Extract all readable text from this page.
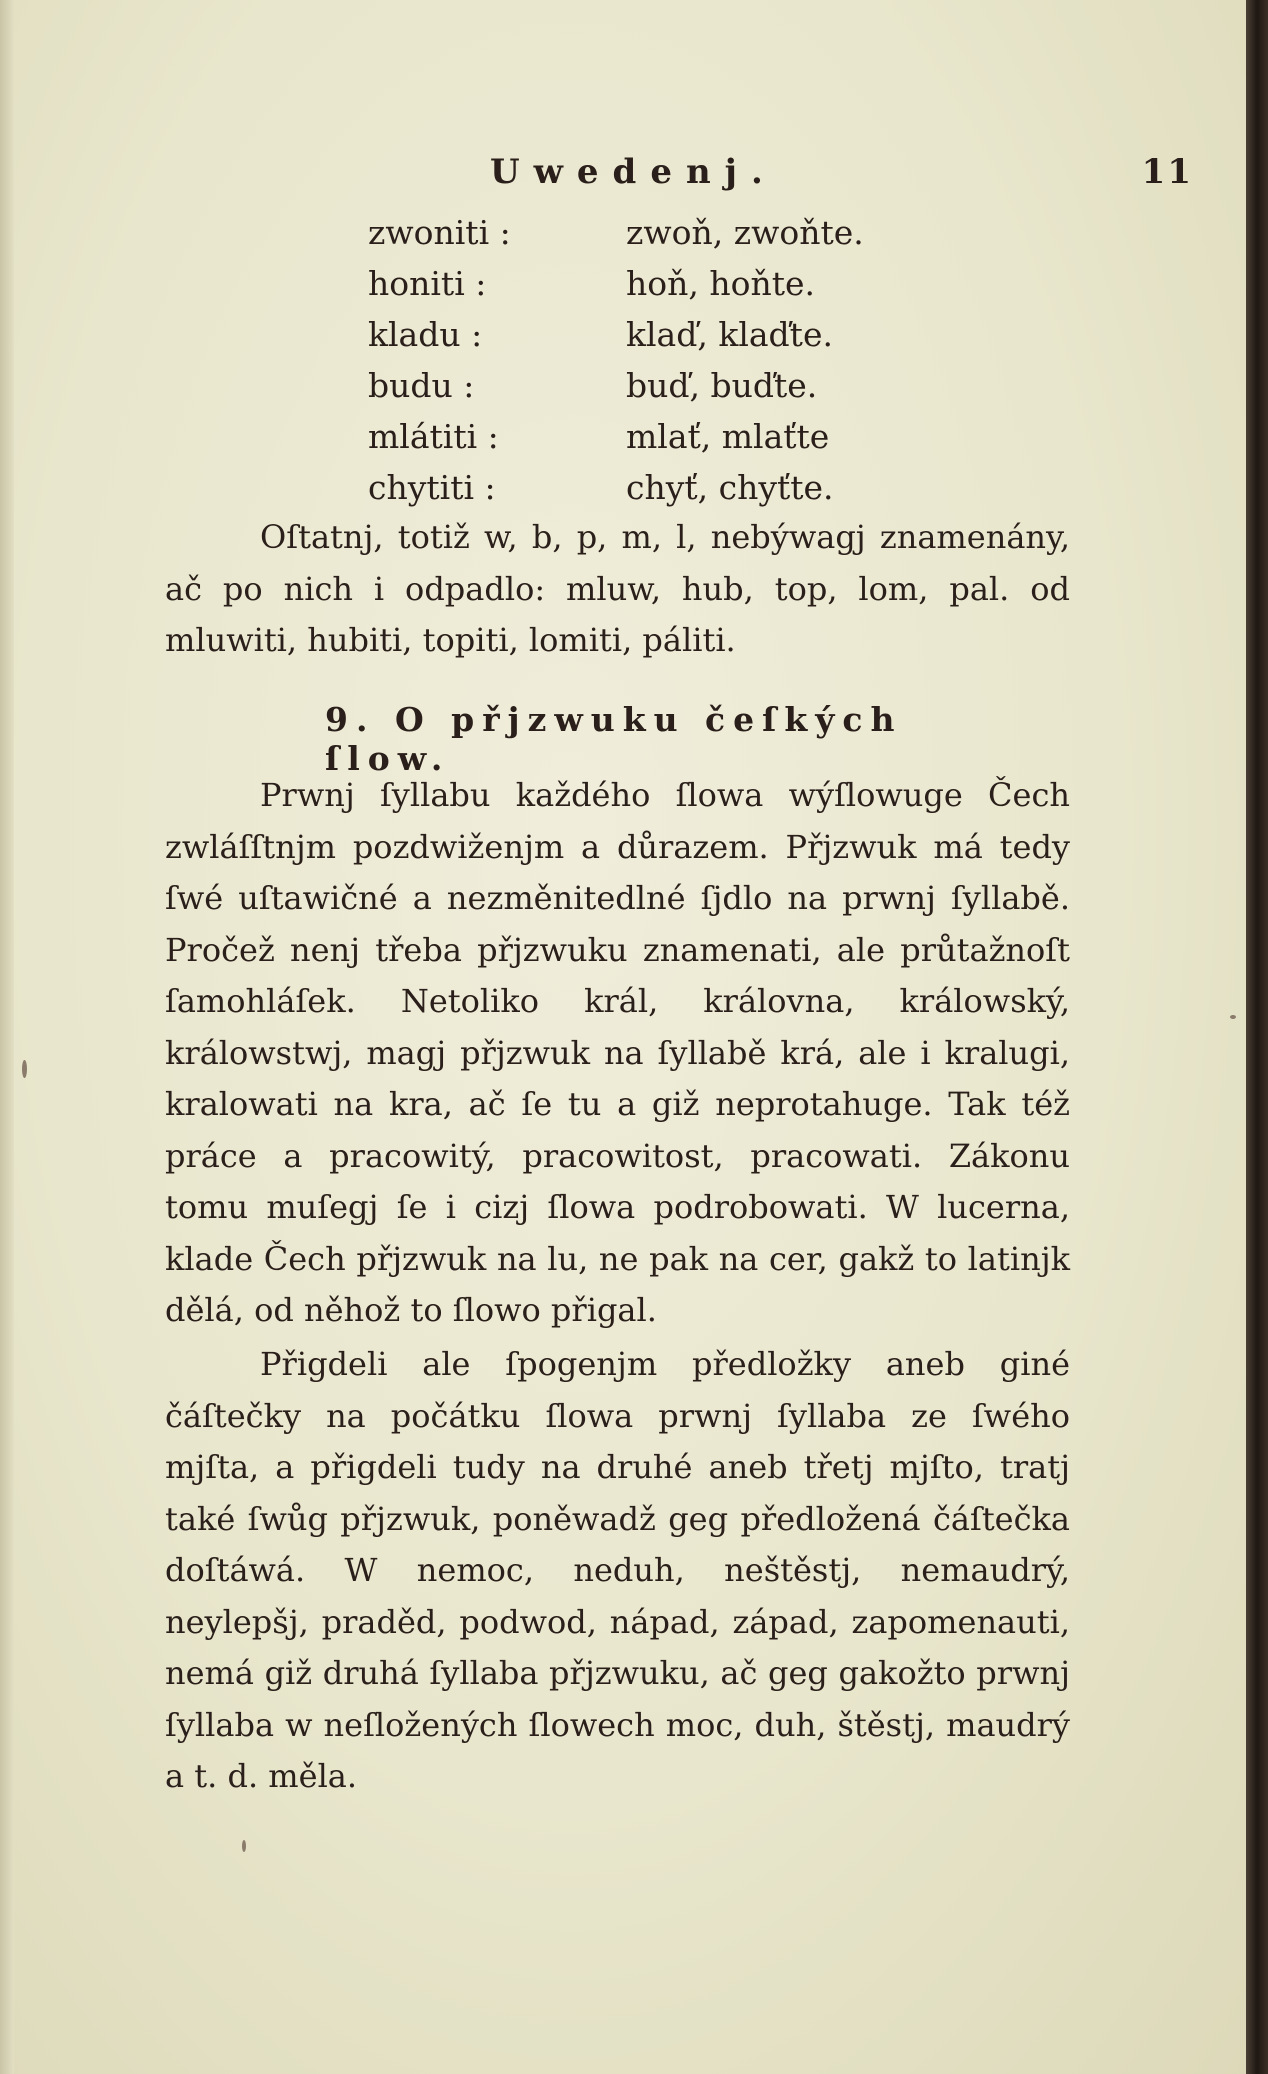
Uwedenj.	11
zwoniti :	zwoň, zwoňte.
honiti :	hoň, hoňte.
kladu :	klaď, klaďte.
budu :	buď, buďte.
mlátiti :	mlať, mlaťte
chytiti :	chyť, chyťte.

Oſtatnj, totiž w, b, p, m, l, nebýwagj znamenány, ač po nich i odpadlo: mluw, hub, top, lom, pal. od mluwiti, hubiti, topiti, lomiti, páliti.

9. O přjzwuku čeſkých ſlow.

Prwnj ſyllabu každého ſlowa wýſlowuge Čech zwláſſtnjm pozdwiženjm a důrazem. Přjzwuk má tedy ſwé uſtawičné a nezměnitedlné ſjdlo na prwnj ſyllabě. Pročež nenj třeba přjzwuku znamenati, ale průtažnoſt ſamohláſek. Netoliko král, královna, králowský, králowstwj, magj přjzwuk na ſyllabě krá, ale i kralugi, kralowati na kra, ač ſe tu a giž neprotahuge. Tak též práce a pracowitý, pracowitost, pracowati. Zákonu tomu muſegj ſe i cizj ſlowa podrobowati. W lucerna, klade Čech přjzwuk na lu, ne pak na cer, gakž to latinjk dělá, od něhož to ſlowo přigal.

Přigdeli ale ſpogenjm předložky aneb giné čáſtečky na počátku ſlowa prwnj ſyllaba ze ſwého mjſta, a přigdeli tudy na druhé aneb třetj mjſto, tratj také ſwůg přjzwuk, poněwadž geg předložená čáſtečka doſtáwá. W nemoc, neduh, neštěstj, nemaudrý, neylepšj, praděd, podwod, nápad, západ, zapomenauti, nemá giž druhá ſyllaba přjzwuku, ač geg gakožto prwnj ſyllaba w neſložených ſlowech moc, duh, štěstj, maudrý a t. d. měla.
